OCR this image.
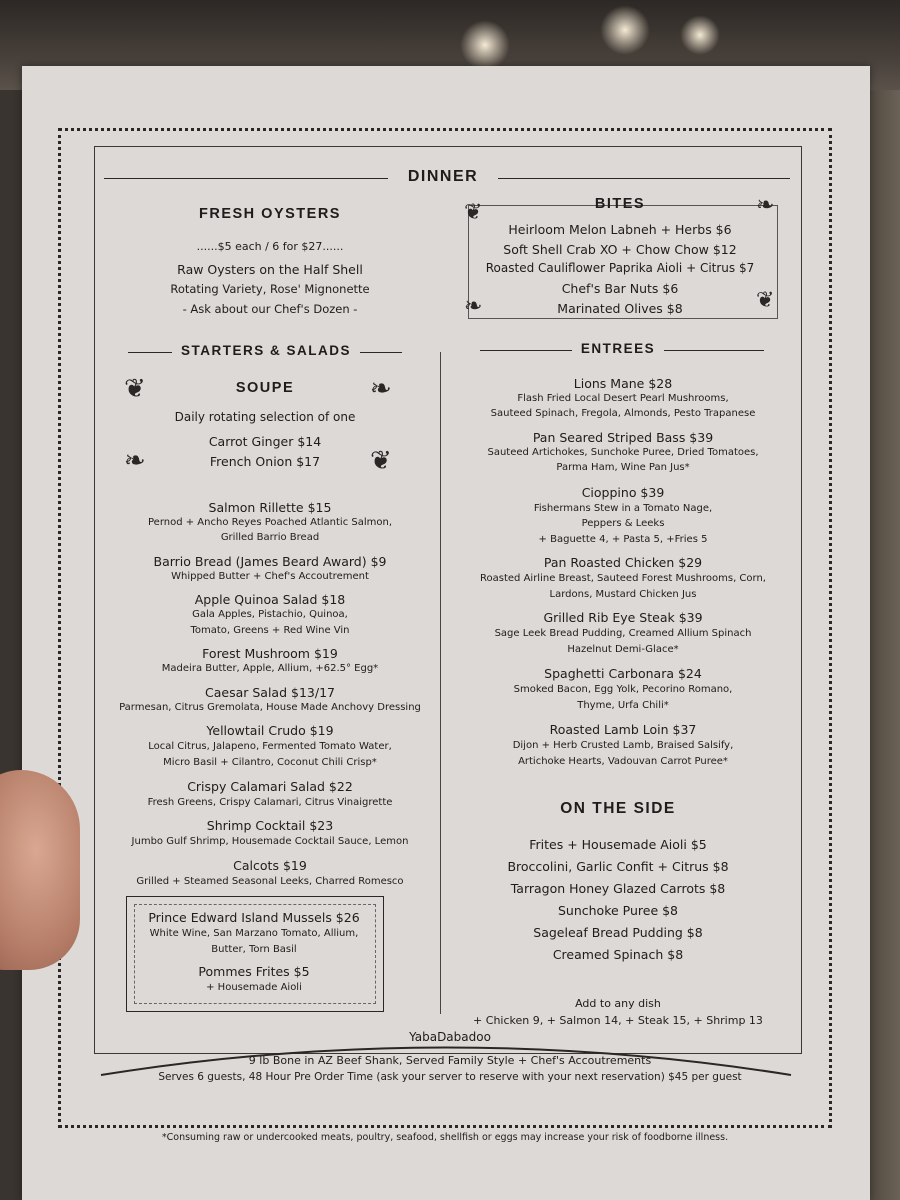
DINNER
FRESH OYSTERS
......$5 each / 6 for $27......
Raw Oysters on the Half Shell
Rotating Variety, Rose' Mignonette
- Ask about our Chef's Dozen -
❦	❧
❧	❦
BITES
Heirloom Melon Labneh + Herbs $6
Soft Shell Crab XO + Chow Chow $12
Roasted Cauliflower Paprika Aioli + Citrus $7
Chef's Bar Nuts $6
Marinated Olives $8
STARTERS & SALADS
❦	❧
❧	❦
SOUPE
Daily rotating selection of one
Carrot Ginger $14
French Onion $17
Salmon Rillette $15
Pernod + Ancho Reyes Poached Atlantic Salmon,
Grilled Barrio Bread
Barrio Bread (James Beard Award) $9
Whipped Butter + Chef's Accoutrement
Apple Quinoa Salad $18
Gala Apples, Pistachio, Quinoa,
Tomato, Greens + Red Wine Vin
Forest Mushroom $19
Madeira Butter, Apple, Allium, +62.5° Egg*
Caesar Salad $13/17
Parmesan, Citrus Gremolata, House Made Anchovy Dressing
Yellowtail Crudo $19
Local Citrus, Jalapeno, Fermented Tomato Water,
Micro Basil + Cilantro, Coconut Chili Crisp*
Crispy Calamari Salad $22
Fresh Greens, Crispy Calamari, Citrus Vinaigrette
Shrimp Cocktail $23
Jumbo Gulf Shrimp, Housemade Cocktail Sauce, Lemon
Calcots $19
Grilled + Steamed Seasonal Leeks, Charred Romesco
Prince Edward Island Mussels $26
White Wine, San Marzano Tomato, Allium,
Butter, Torn Basil
Pommes Frites $5
+ Housemade Aioli
ENTREES
Lions Mane $28
Flash Fried Local Desert Pearl Mushrooms,
Sauteed Spinach, Fregola, Almonds, Pesto Trapanese
Pan Seared Striped Bass $39
Sauteed Artichokes, Sunchoke Puree, Dried Tomatoes,
Parma Ham, Wine Pan Jus*
Cioppino $39
Fishermans Stew in a Tomato Nage,
Peppers & Leeks
+ Baguette 4, + Pasta 5, +Fries 5
Pan Roasted Chicken $29
Roasted Airline Breast, Sauteed Forest Mushrooms, Corn,
Lardons, Mustard Chicken Jus
Grilled Rib Eye Steak $39
Sage Leek Bread Pudding, Creamed Allium Spinach
Hazelnut Demi-Glace*
Spaghetti Carbonara $24
Smoked Bacon, Egg Yolk, Pecorino Romano,
Thyme, Urfa Chili*
Roasted Lamb Loin $37
Dijon + Herb Crusted Lamb, Braised Salsify,
Artichoke Hearts, Vadouvan Carrot Puree*
ON THE SIDE
Frites + Housemade Aioli $5
Broccolini, Garlic Confit + Citrus $8
Tarragon Honey Glazed Carrots $8
Sunchoke Puree $8
Sageleaf Bread Pudding $8
Creamed Spinach $8
Add to any dish
+ Chicken 9, + Salmon 14, + Steak 15, + Shrimp 13
YabaDabadoo
9 lb Bone in AZ Beef Shank, Served Family Style + Chef's Accoutrements
Serves 6 guests, 48 Hour Pre Order Time (ask your server to reserve with your next reservation) $45 per guest
*Consuming raw or undercooked meats, poultry, seafood, shellfish or eggs may increase your risk of foodborne illness.
